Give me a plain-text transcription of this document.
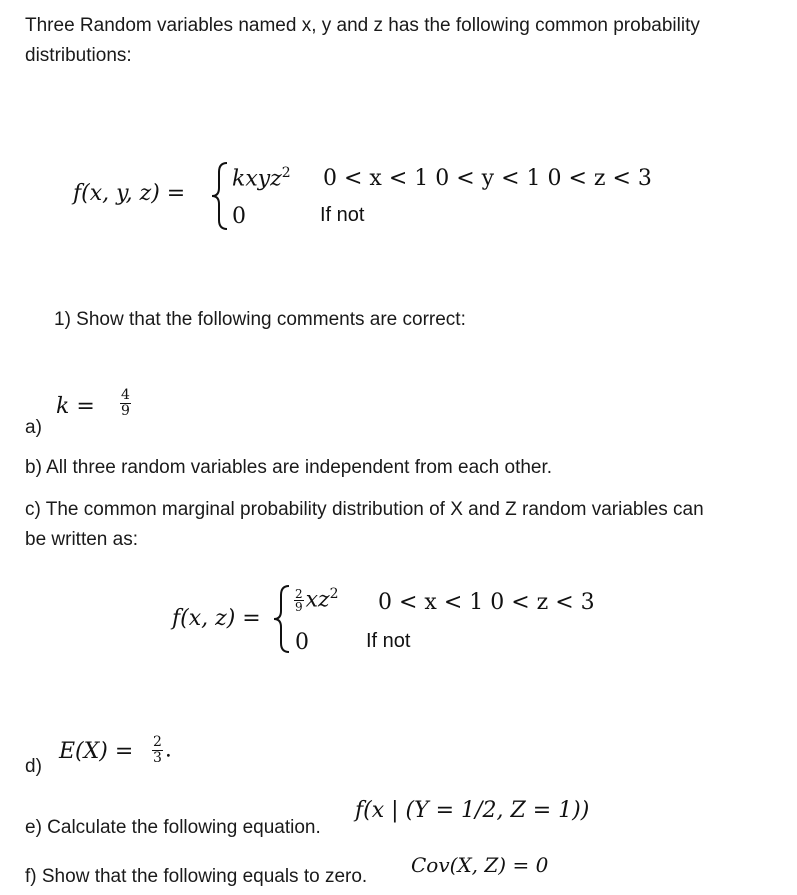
Three Random variables named x, y and z has the following common probability
distributions:
f(x, y, z) =
kxyz$^2$ 0 < x < 1 0 < y < 1 0 < z < 3
0	If not
1) Show that the following comments are correct:
$k = \frac{4}{9}$
a)
b) All three random variables are independent from each other.
c) The common marginal probability distribution of X and Z random variables can
be written as:
f(x, z) =
$\frac{2}{9} xz^2$ 0 < x < 1 0 < z < 3
0	If not
$E(X) = \frac{2}{3}$ .
d)
e) Calculate the following equation.
f(x | (Y = 1/2, Z = 1))
f) Show that the following equals to zero. Cov(X, Z) = 0
